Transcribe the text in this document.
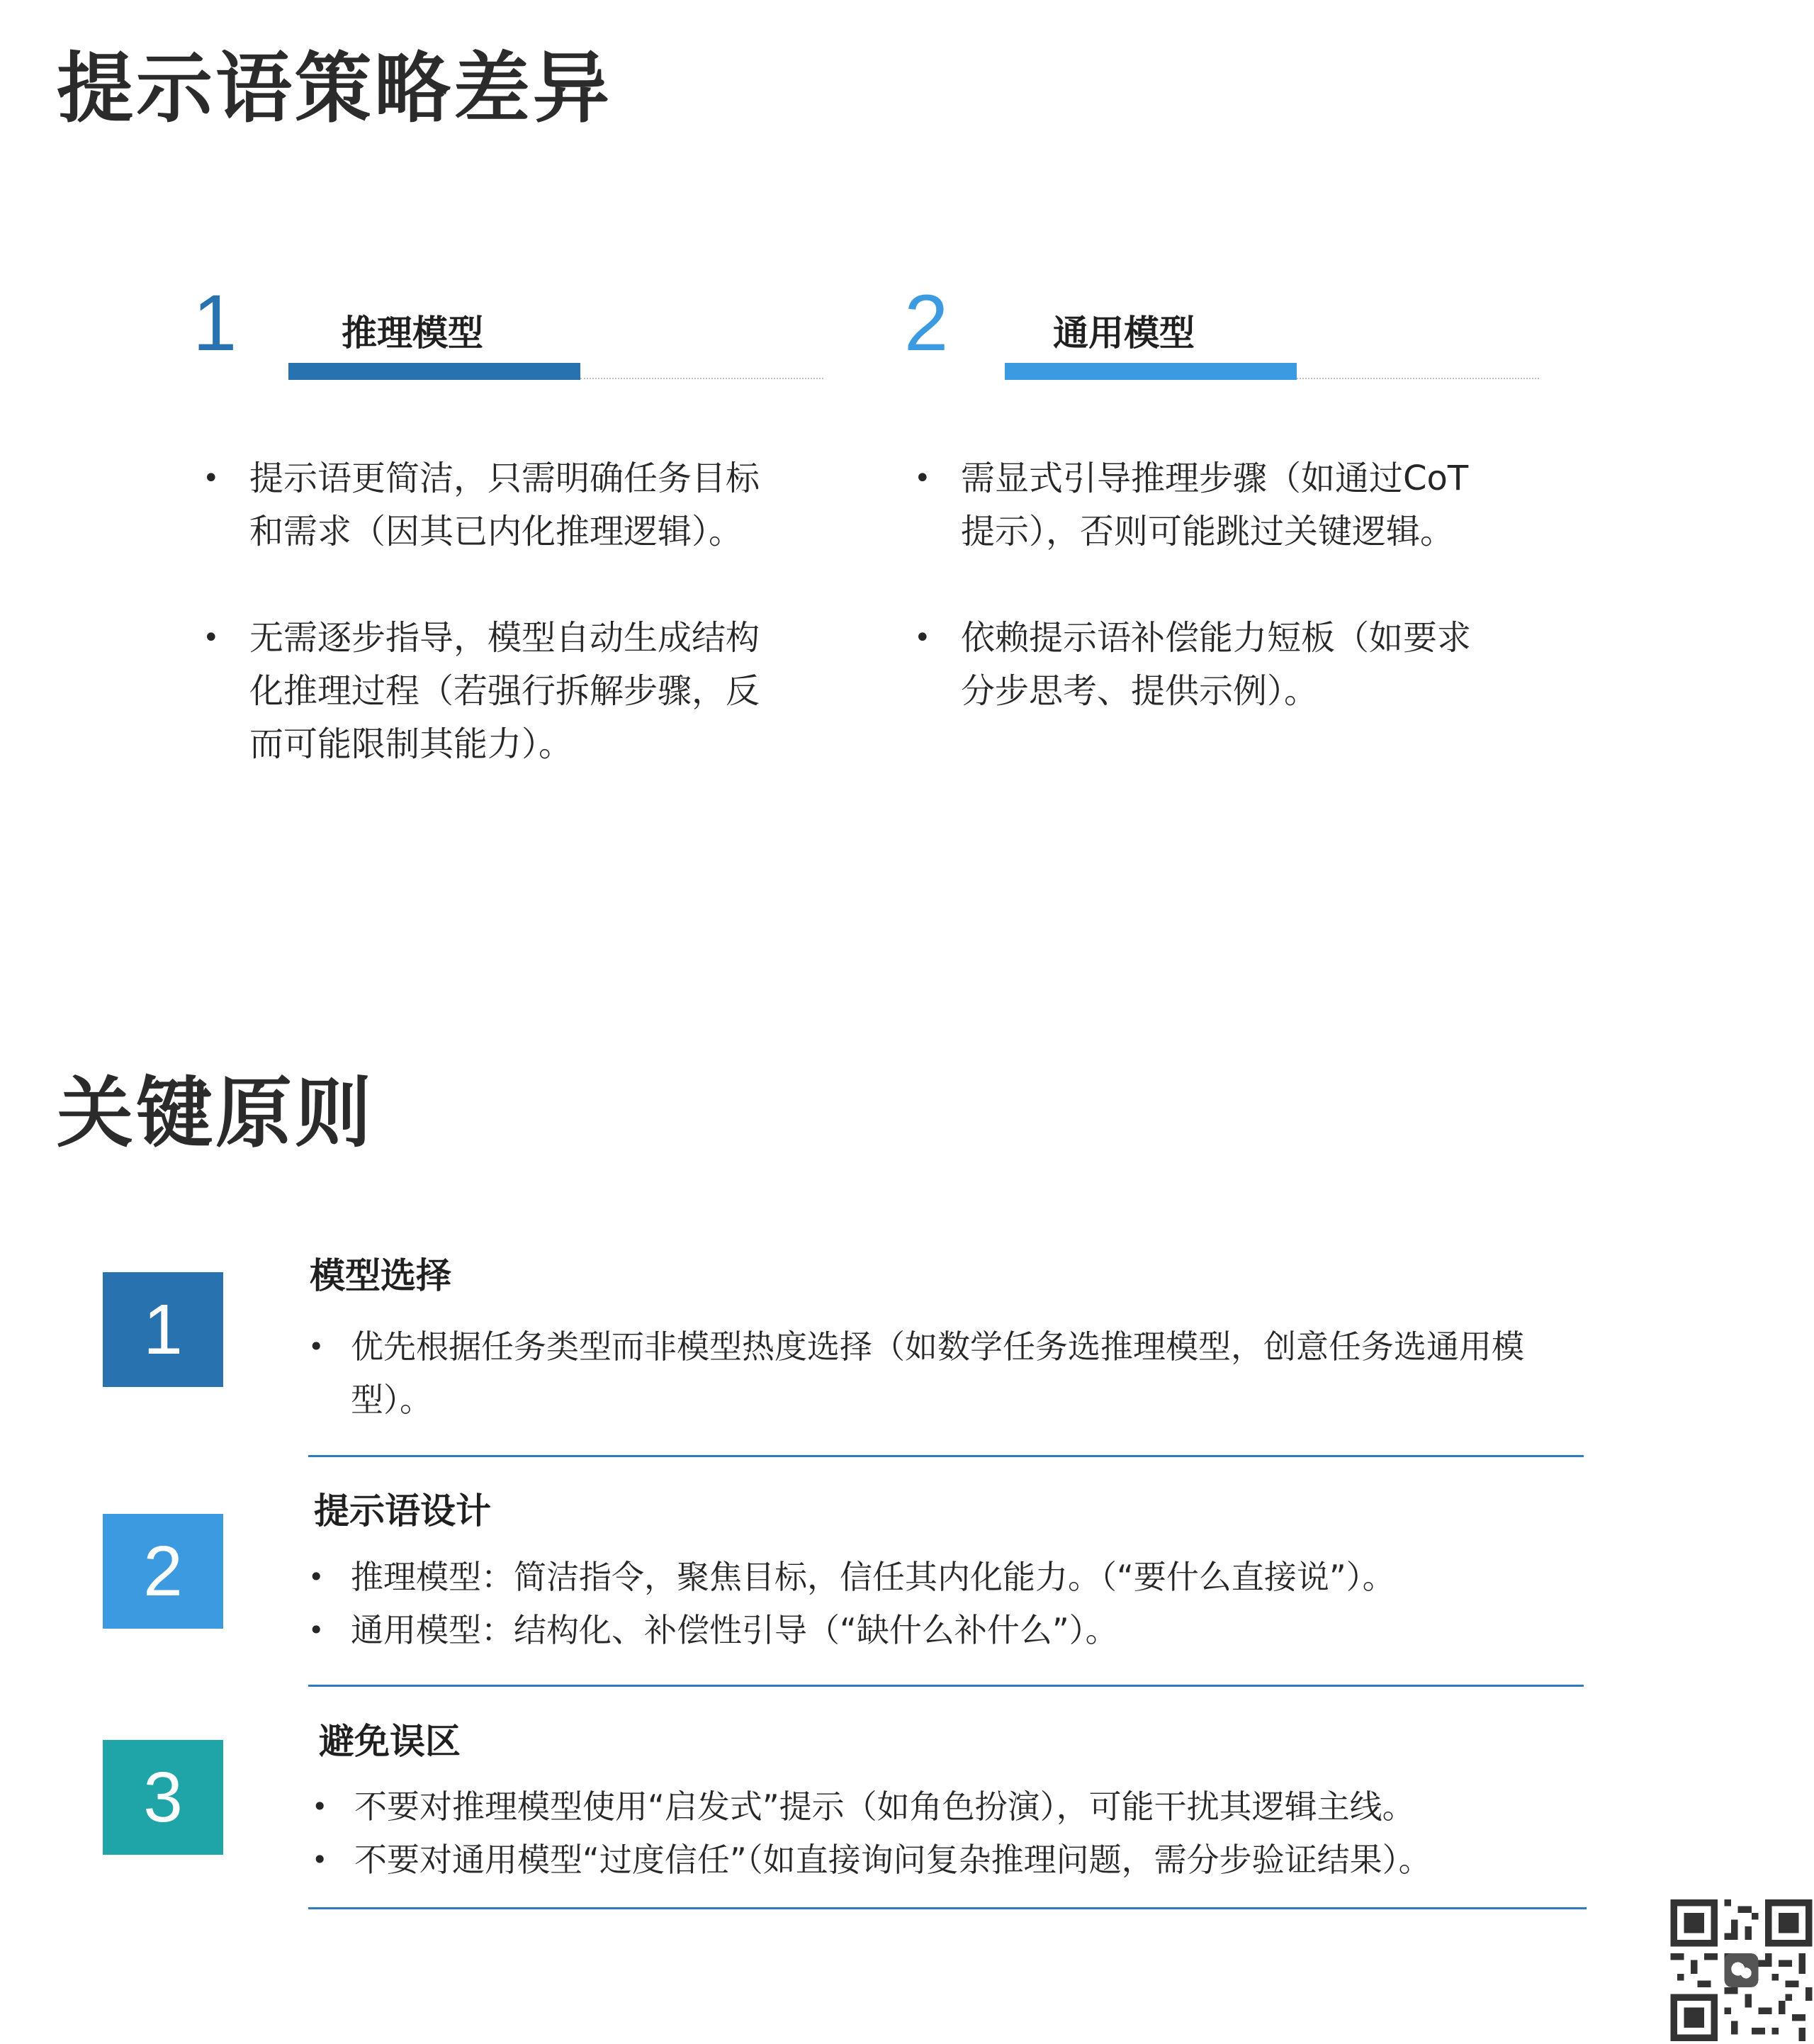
提示语策略差异
1	推理模型
• 提示语更简洁，只需明确任务目标和需求（因其已内化推理逻辑）。
• 无需逐步指导，模型自动生成结构化推理过程（若强行拆解步骤，反而可能限制其能力）。
2	通用模型
• 需显式引导推理步骤（如通过CoT提示），否则可能跳过关键逻辑。
• 依赖提示语补偿能力短板（如要求分步思考、提供示例）。
关键原则
1
模型选择
• 优先根据任务类型而非模型热度选择（如数学任务选推理模型，创意任务选通用模型）。
2
提示语设计
• 推理模型：简洁指令，聚焦目标，信任其内化能力。（“要什么直接说”）。
• 通用模型：结构化、补偿性引导（“缺什么补什么”）。
3
避免误区
• 不要对推理模型使用“启发式”提示（如角色扮演），可能干扰其逻辑主线。
• 不要对通用模型“过度信任”（如直接询问复杂推理问题，需分步验证结果）。
